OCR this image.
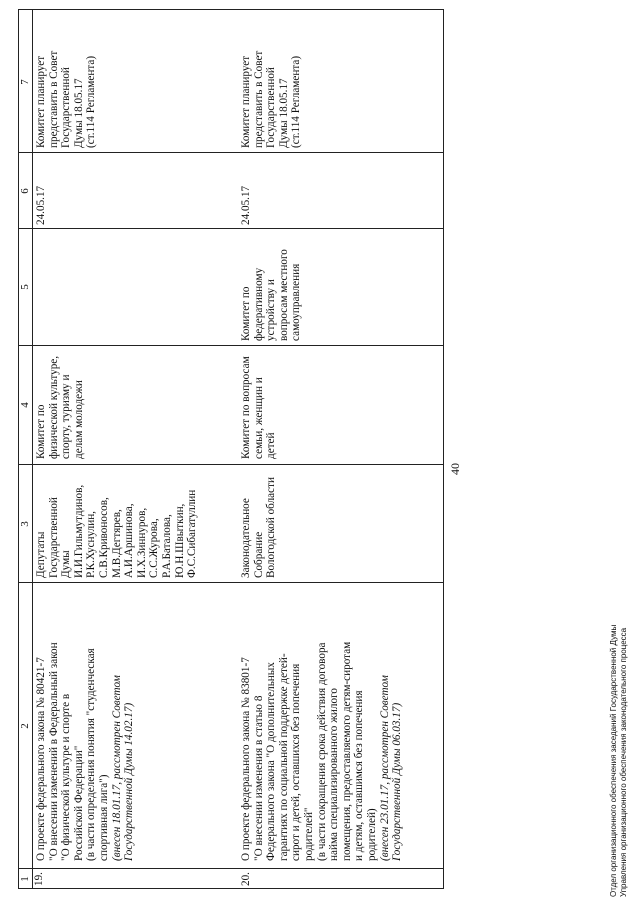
1
2
3
4
5
6
7
19.
О проекте федерального закона № 80421-7 "О внесении изменений в Федеральный закон "О физической культуре и спорте в Российской Федерации" (в части определения понятия "студенческая спортивная лига") (внесен 18.01.17, рассмотрен Советом Государственной Думы 14.02.17)
Депутаты Государственной Думы И.И.Гильмутдинов, Р.К.Хуснулин, С.В.Кривоносов, М.В.Дегтярев, А.И.Аршинова, И.Х.Зиннуров, С.С.Журова, Р.А.Баталова, Ю.Н.Швыткин, Ф.С.Сибагатуллин
Комитет по физической культуре, спорту, туризму и делам молодежи
24.05.17
Комитет планирует представить в Совет Государственной Думы 18.05.17 (ст.114 Регламента)
20.
О проекте федерального закона № 83801-7 "О внесении изменения в статью 8 Федерального закона "О дополнительных гарантиях по социальной поддержке детей- сирот и детей, оставшихся без попечения родителей" (в части сокращения срока действия договора найма специализированного жилого помещения, предоставляемого детям-сиротам и детям, оставшимся без попечения родителей) (внесен 23.01.17, рассмотрен Советом Государственной Думы 06.03.17)
Законодательное Собрание Вологодской области
Комитет по вопросам семьи, женщин и детей
Комитет по федеративному устройству и вопросам местного самоуправления
24.05.17
Комитет планирует представить в Совет Государственной Думы 18.05.17 (ст.114 Регламента)
40
Отдел организационного обеспечения заседаний Государственной Думы Управления организационного обеспечения законодательного процесса
